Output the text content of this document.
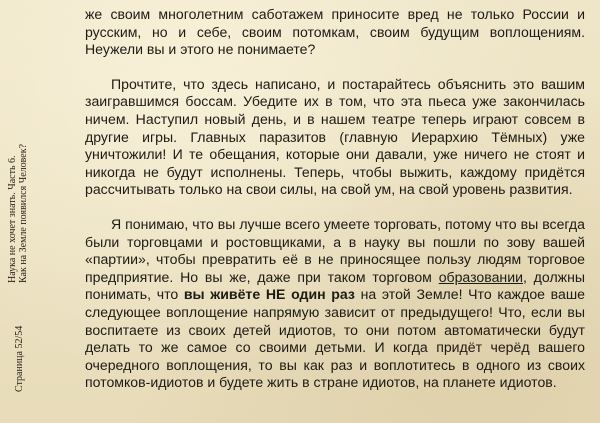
Наука не хочет знать. Часть 6. Как на Земле появился Человек?
Страница 52/54

же своим многолетним саботажем приносите вред не только России и русским, но и себе, своим потомкам, своим будущим воплощениям. Неужели вы и этого не понимаете?

Прочтите, что здесь написано, и постарайтесь объяснить это вашим заигравшимся боссам. Убедите их в том, что эта пьеса уже закончилась ничем. Наступил новый день, и в нашем театре теперь играют совсем в другие игры. Главных паразитов (главную Иерархию Тёмных) уже уничтожили! И те обещания, которые они давали, уже ничего не стоят и никогда не будут исполнены. Теперь, чтобы выжить, каждому придётся рассчитывать только на свои силы, на свой ум, на свой уровень развития.

Я понимаю, что вы лучше всего умеете торговать, потому что вы всегда были торговцами и ростовщиками, а в науку вы пошли по зову вашей «партии», чтобы превратить её в не приносящее пользу людям торговое предприятие. Но вы же, даже при таком торговом образовании, должны понимать, что вы живёте НЕ один раз на этой Земле! Что каждое ваше следующее воплощение напрямую зависит от предыдущего! Что, если вы воспитаете из своих детей идиотов, то они потом автоматически будут делать то же самое со своими детьми. И когда придёт черёд вашего очередного воплощения, то вы как раз и воплотитесь в одного из своих потомков-идиотов и будете жить в стране идиотов, на планете идиотов.
